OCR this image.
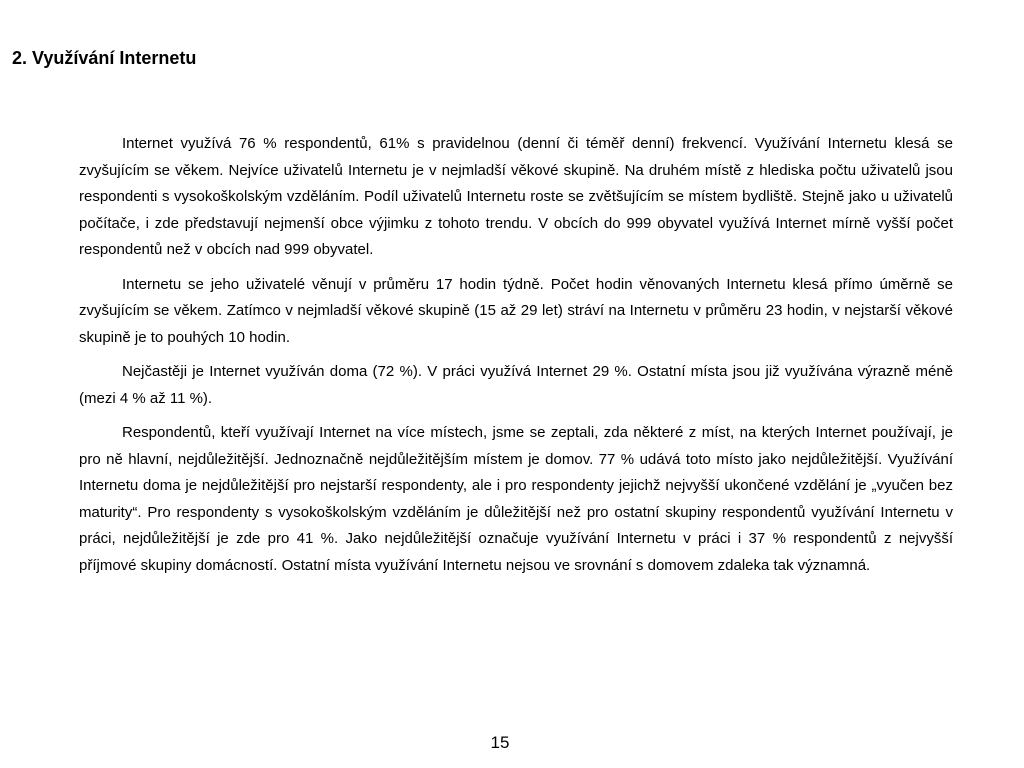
2. Využívání Internetu

Internet využívá 76 % respondentů, 61% s pravidelnou (denní či téměř denní) frekvencí. Využívání Internetu klesá se zvyšujícím se věkem. Nejvíce uživatelů Internetu je v nejmladší věkové skupině. Na druhém místě z hlediska počtu uživatelů jsou respondenti s vysokoškolským vzděláním. Podíl uživatelů Internetu roste se zvětšujícím se místem bydliště. Stejně jako u uživatelů počítače, i zde představují nejmenší obce výjimku z tohoto trendu. V obcích do 999 obyvatel využívá Internet mírně vyšší počet respondentů než v obcích nad 999 obyvatel.

Internetu se jeho uživatelé věnují v průměru 17 hodin týdně. Počet hodin věnovaných Internetu klesá přímo úměrně se zvyšujícím se věkem. Zatímco v nejmladší věkové skupině (15 až 29 let) stráví na Internetu v průměru 23 hodin, v nejstarší věkové skupině je to pouhých 10 hodin.

Nejčastěji je Internet využíván doma (72 %). V práci využívá Internet 29 %. Ostatní místa jsou již využívána výrazně méně (mezi 4 % až 11 %).

Respondentů, kteří využívají Internet na více místech, jsme se zeptali, zda některé z míst, na kterých Internet používají, je pro ně hlavní, nejdůležitější. Jednoznačně nejdůležitějším místem je domov. 77 % udává toto místo jako nejdůležitější. Využívání Internetu doma je nejdůležitější pro nejstarší respondenty, ale i pro respondenty jejichž nejvyšší ukončené vzdělání je „vyučen bez maturity“. Pro respondenty s vysokoškolským vzděláním je důležitější než pro ostatní skupiny respondentů využívání Internetu v práci, nejdůležitější je zde pro 41 %. Jako nejdůležitější označuje využívání Internetu v práci i 37 % respondentů z nejvyšší příjmové skupiny domácností. Ostatní místa využívání Internetu nejsou ve srovnání s domovem zdaleka tak významná.

15
